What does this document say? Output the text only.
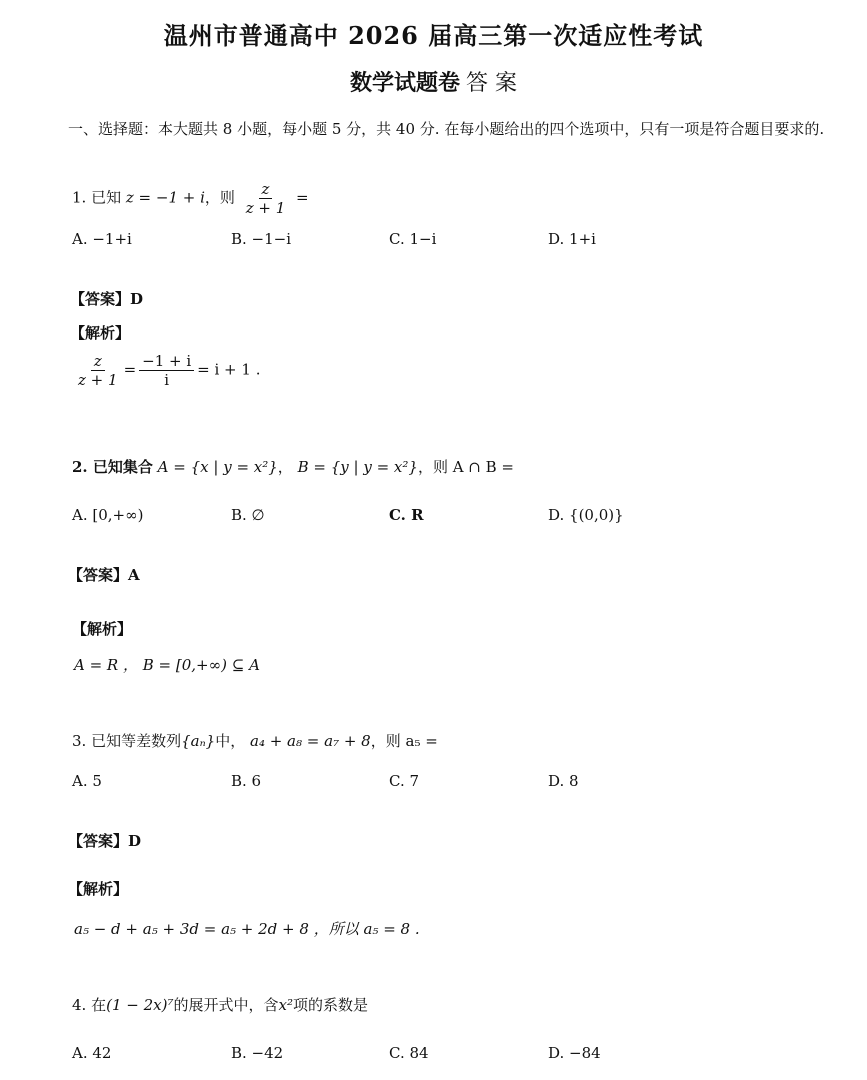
温州市普通高中 2026 届高三第一次适应性考试
数学试题卷 答 案
一、选择题：本大题共 8 小题，每小题 5 分，共 40 分. 在每小题给出的四个选项中，只有一项是符合题目要求的.
1. 已知 z = −1 + i，则 $\frac{z}{z + 1}$ =
A. −1+i	B. −1−i	C. 1−i	D. 1+i
【答案】D
【解析】
$\frac{z}{z + 1} = \frac{-1 + i}{i} = i + 1$ .
2. 已知集合 A = {x | y = x²}， B = {y | y = x²}，则 A ∩ B =
A. [0,+∞)	B. ∅	C. R	D. {(0,0)}
【答案】A
【解析】
A = R ， B = [0,+∞) ⊆ A
3. 已知等差数列{aₙ}中， a₄ + a₈ = a₇ + 8，则 a₅ =
A. 5	B. 6	C. 7	D. 8
【答案】D
【解析】
a₅ − d + a₅ + 3d = a₅ + 2d + 8 ，所以 a₅ = 8 .
4. 在(1 − 2x)⁷的展开式中，含x²项的系数是
A. 42	B. −42	C. 84	D. −84
